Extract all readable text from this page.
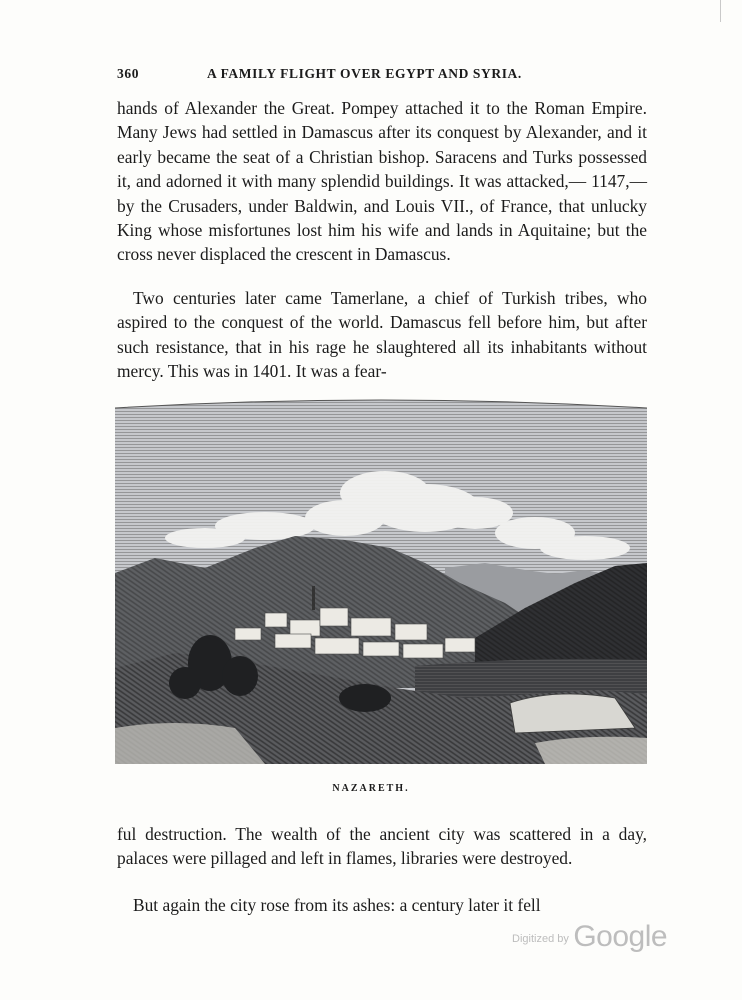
360	A FAMILY FLIGHT OVER EGYPT AND SYRIA.

hands of Alexander the Great. Pompey attached it to the Roman Empire. Many Jews had settled in Damascus after its conquest by Alexander, and it early became the seat of a Christian bishop. Saracens and Turks possessed it, and adorned it with many splendid buildings. It was attacked,— 1147,— by the Crusaders, under Baldwin, and Louis VII., of France, that unlucky King whose misfortunes lost him his wife and lands in Aquitaine; but the cross never displaced the crescent in Damascus.

Two centuries later came Tamerlane, a chief of Turkish tribes, who aspired to the conquest of the world. Damascus fell before him, but after such resistance, that in his rage he slaughtered all its inhabitants without mercy. This was in 1401. It was a fear-

NAZARETH.

ful destruction. The wealth of the ancient city was scattered in a day, palaces were pillaged and left in flames, libraries were destroyed.

But again the city rose from its ashes: a century later it fell

$^{Digitized by}$ Google
